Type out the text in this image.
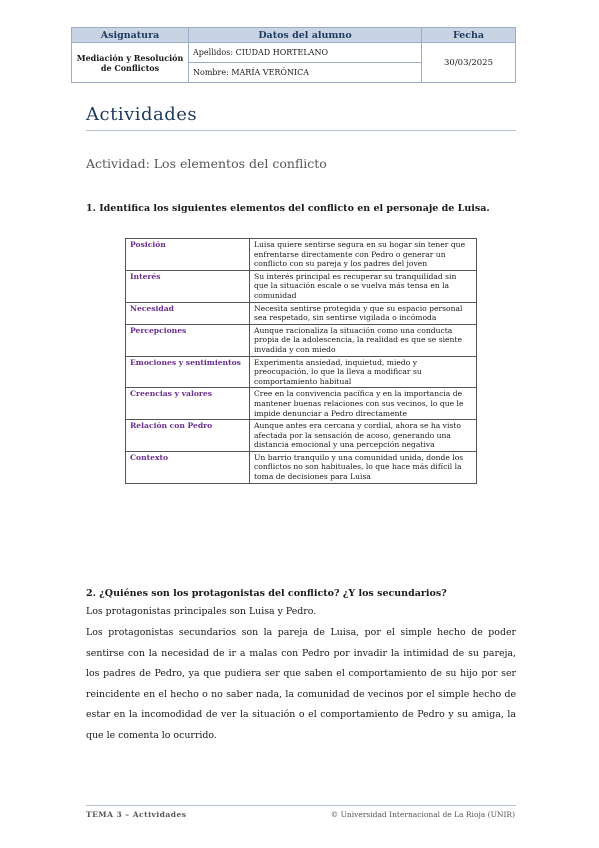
Asignatura	Datos del alumno	Fecha
Mediación y Resolución de Conflictos	Apellidos: CIUDAD HORTELANO	30/03/2025
	Nombre: MARÍA VERÓNICA	
Actividades
Actividad: Los elementos del conflicto
1. Identifica los siguientes elementos del conflicto en el personaje de Luisa.
Posición	Luisa quiere sentirse segura en su hogar sin tener que enfrentarse directamente con Pedro o generar un conflicto con su pareja y los padres del joven
Interés	Su interés principal es recuperar su tranquilidad sin que la situación escale o se vuelva más tensa en la comunidad
Necesidad	Necesita sentirse protegida y que su espacio personal sea respetado, sin sentirse vigilada o incómoda
Percepciones	Aunque racionaliza la situación como una conducta propia de la adolescencia, la realidad es que se siente invadida y con miedo
Emociones y sentimientos	Experimenta ansiedad, inquietud, miedo y preocupación, lo que la lleva a modificar su comportamiento habitual
Creencias y valores	Cree en la convivencia pacífica y en la importancia de mantener buenas relaciones con sus vecinos, lo que le impide denunciar a Pedro directamente
Relación con Pedro	Aunque antes era cercana y cordial, ahora se ha visto afectada por la sensación de acoso, generando una distancia emocional y una percepción negativa
Contexto	Un barrio tranquilo y una comunidad unida, donde los conflictos no son habituales, lo que hace más difícil la toma de decisiones para Luisa
2. ¿Quiénes son los protagonistas del conflicto? ¿Y los secundarios?
Los protagonistas principales son Luisa y Pedro.
Los protagonistas secundarios son la pareja de Luisa, por el simple hecho de poder sentirse con la necesidad de ir a malas con Pedro por invadir la intimidad de su pareja, los padres de Pedro, ya que pudiera ser que saben el comportamiento de su hijo por ser reincidente en el hecho o no saber nada, la comunidad de vecinos por el simple hecho de estar en la incomodidad de ver la situación o el comportamiento de Pedro y su amiga, la que le comenta lo ocurrido.
TEMA 3 – Actividades	© Universidad Internacional de La Rioja (UNIR)
